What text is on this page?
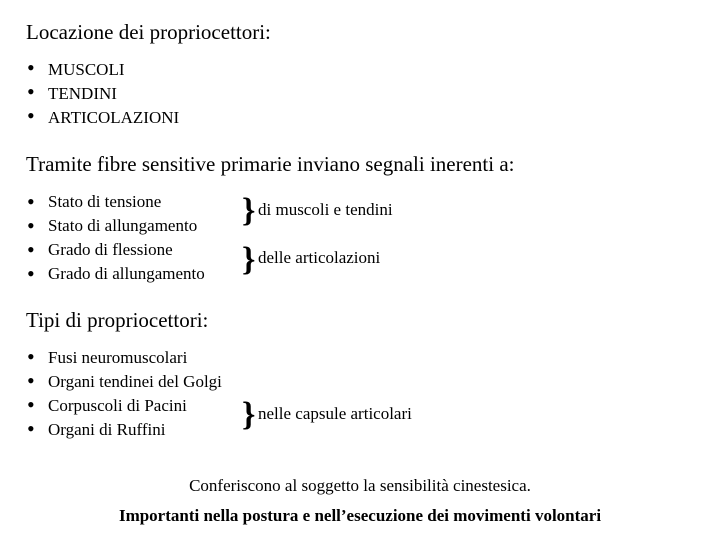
Locazione dei propriocettori:
• MUSCOLI
• TENDINI
• ARTICOLAZIONI
Tramite fibre sensitive primarie inviano segnali inerenti a:
• Stato di tensione
• Stato di allungamento
• Grado di flessione
• Grado di allungamento
} di muscoli e tendini
} delle articolazioni
Tipi di propriocettori:
• Fusi neuromuscolari
• Organi tendinei del Golgi
• Corpuscoli di Pacini
• Organi di Ruffini } nelle capsule articolari
Conferiscono al soggetto la sensibilità cinestesica.
Importanti nella postura e nell’esecuzione dei movimenti volontari
